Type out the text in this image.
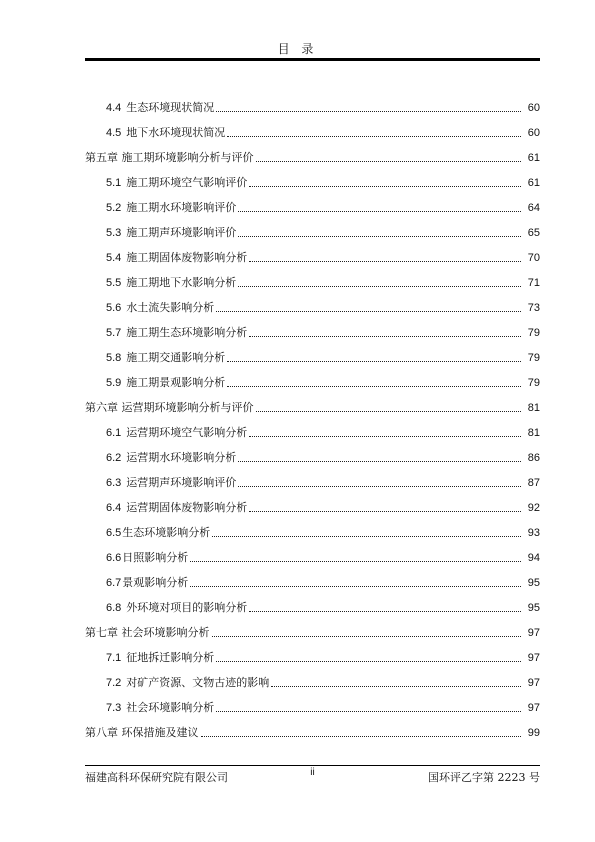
目 录
4.4 生态环境现状简况	60
4.5 地下水环境现状简况	60
第五章 施工期环境影响分析与评价	61
5.1 施工期环境空气影响评价	61
5.2 施工期水环境影响评价	64
5.3 施工期声环境影响评价	65
5.4 施工期固体废物影响分析	70
5.5 施工期地下水影响分析	71
5.6 水土流失影响分析	73
5.7 施工期生态环境影响分析	79
5.8 施工期交通影响分析	79
5.9 施工期景观影响分析	79
第六章 运营期环境影响分析与评价	81
6.1 运营期环境空气影响分析	81
6.2 运营期水环境影响分析	86
6.3 运营期声环境影响评价	87
6.4 运营期固体废物影响分析	92
6.5 生态环境影响分析	93
6.6 日照影响分析	94
6.7 景观影响分析	95
6.8 外环境对项目的影响分析	95
第七章 社会环境影响分析	97
7.1 征地拆迁影响分析	97
7.2 对矿产资源、文物古迹的影响	97
7.3 社会环境影响分析	97
第八章 环保措施及建议	99
福建高科环保研究院有限公司	ii	国环评乙字第 2223 号
